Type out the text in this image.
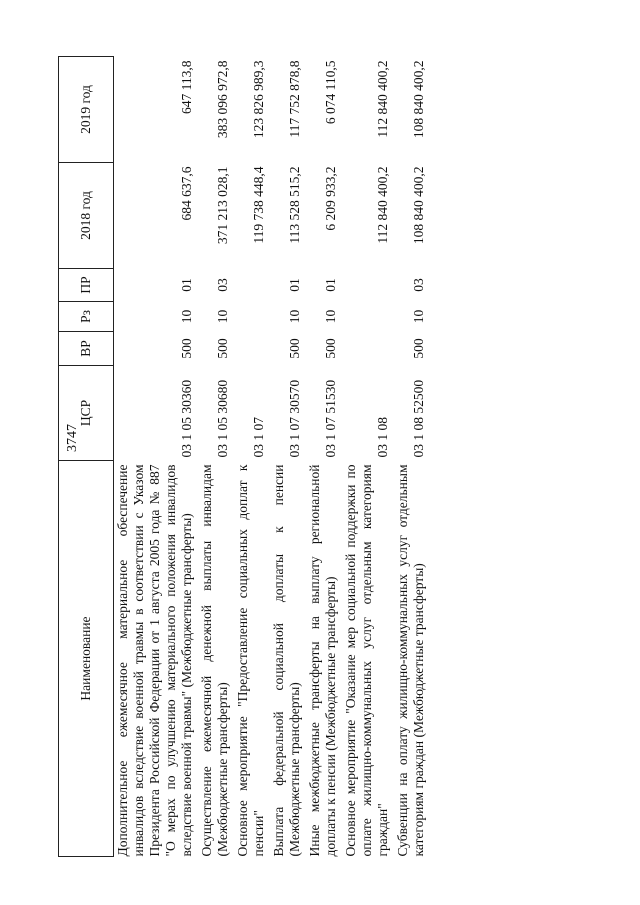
3747
Наименование	ЦСР	ВР	Рз	ПР	2018 год	2019 год
Дополнительное ежемесячное материальное обеспечение инвалидов вследствие военной травмы в соответствии с Указом Президента Российской Федерации от 1 августа 2005 года № 887 "О мерах по улучшению материального положения инвалидов вследствие военной травмы" (Межбюджетные трансферты)	03 1 05 30360	500	10	01	684 637,6	647 113,8
Осуществление ежемесячной денежной выплаты инвалидам (Межбюджетные трансферты)	03 1 05 30680	500	10	03	371 213 028,1	383 096 972,8
Основное мероприятие "Предоставление социальных доплат к пенсии"	03 1 07				119 738 448,4	123 826 989,3
Выплата федеральной социальной доплаты к пенсии (Межбюджетные трансферты)	03 1 07 30570	500	10	01	113 528 515,2	117 752 878,8
Иные межбюджетные трансферты на выплату региональной доплаты к пенсии (Межбюджетные трансферты)	03 1 07 51530	500	10	01	6 209 933,2	6 074 110,5
Основное мероприятие "Оказание мер социальной поддержки по оплате жилищно-коммунальных услуг отдельным категориям граждан"	03 1 08				112 840 400,2	112 840 400,2
Субвенции на оплату жилищно-коммунальных услуг отдельным категориям граждан (Межбюджетные трансферты)	03 1 08 52500	500	10	03	108 840 400,2	108 840 400,2
